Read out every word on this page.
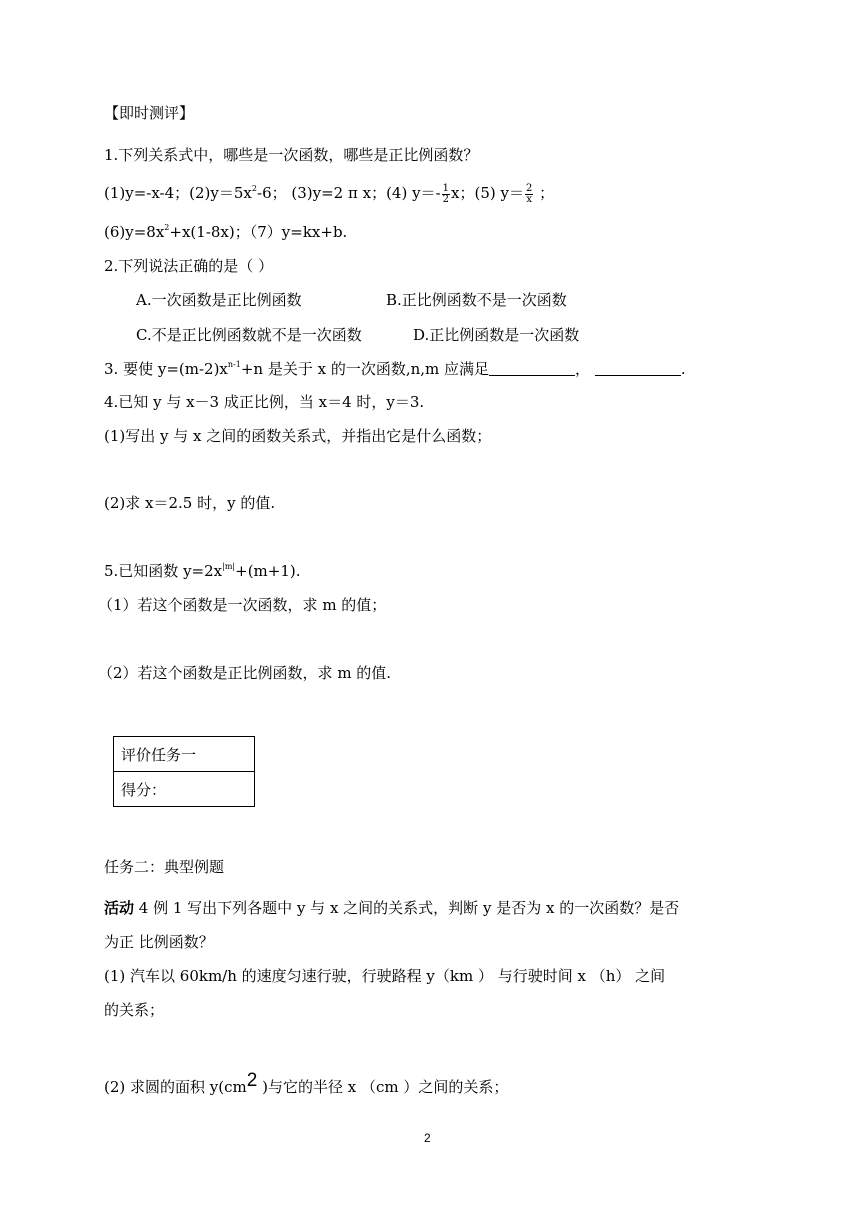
【即时测评】
1.下列关系式中，哪些是一次函数，哪些是正比例函数？
(1)y=-x-4；$(2)y=5x^2-6$； (3)y=2 π x；(4) $y=- \frac{1}{2}$ x；(5) $y= \frac{2}{x}$ ；
$(6)y=8x^2+x(1-8x)$；（7）y=kx+b.
2.下列说法正确的是（ ）
A.一次函数是正比例函数	B.正比例函数不是一次函数
C.不是正比例函数就不是一次函数	D.正比例函数是一次函数
3. 要使 $y=(m-2)x^{n-1}+n$ 是关于 x 的一次函数,n,m 应满足	，	.
4.已知 y 与 x－3 成正比例，当 x＝4 时，y＝3.
(1)写出 y 与 x 之间的函数关系式，并指出它是什么函数；
(2)求 x＝2.5 时，y 的值.
5.已知函数 $y=2x^{|m|}+(m+1)$.
（1）若这个函数是一次函数，求 m 的值；
（2）若这个函数是正比例函数，求 m 的值.
评价任务一
得分：
任务二：典型例题
活动 4 例 1 写出下列各题中 y 与 x 之间的关系式，判断 y 是否为 x 的一次函数？是否
为正 比例函数？
(1) 汽车以 60km/h 的速度匀速行驶，行驶路程 y（km ） 与行驶时间 x （h） 之间
的关系；
(2) 求圆的面积 y(cm2 )与它的半径 x （cm ）之间的关系；
2
